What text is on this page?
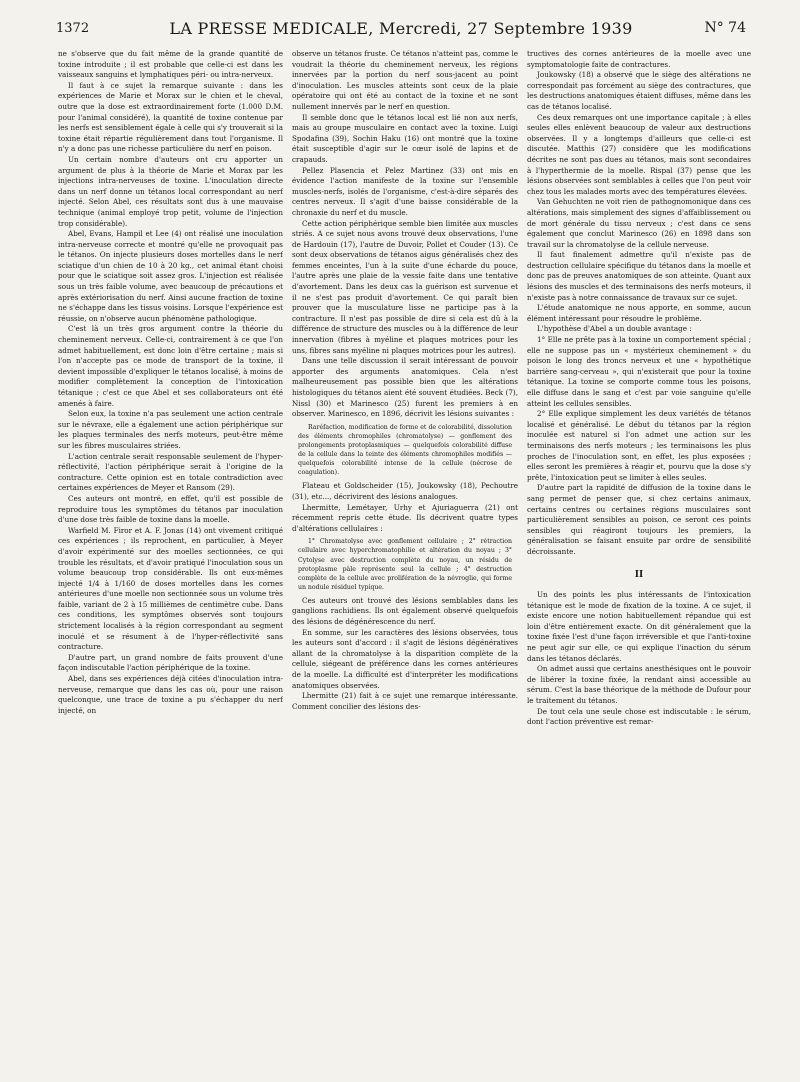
1372	LA PRESSE MEDICALE, Mercredi, 27 Septembre 1939	N° 74

ne s'observe que du fait même de la grande quantité de toxine introduite ; il est probable que celle-ci est dans les vaisseaux sanguins et lymphatiques péri- ou intra-nerveux.

Il faut à ce sujet la remarque suivante : dans les expériences de Marie et Morax sur le chien et le cheval, outre que la dose est extraordinairement forte (1.000 D.M. pour l'animal considéré), la quantité de toxine contenue par les nerfs est sensiblement égale à celle qui s'y trouverait si la toxine était répartie régulièrement dans tout l'organisme. Il n'y a donc pas une richesse particulière du nerf en poison.

Un certain nombre d'auteurs ont cru apporter un argument de plus à la théorie de Marie et Morax par les injections intra-nerveuses de toxine. L'inoculation directe dans un nerf donne un tétanos local correspondant au nerf injecté. Selon Abel, ces résultats sont dus à une mauvaise technique (animal employé trop petit, volume de l'injection trop considérable).

Abel, Evans, Hampil et Lee (4) ont réalisé une inoculation intra-nerveuse correcte et montré qu'elle ne provoquait pas le tétanos. On injecte plusieurs doses mortelles dans le nerf sciatique d'un chien de 10 à 20 kg., cet animal étant choisi pour que le sciatique soit assez gros. L'injection est réalisée sous un très faible volume, avec beaucoup de précautions et après extériorisation du nerf. Ainsi aucune fraction de toxine ne s'échappe dans les tissus voisins. Lorsque l'expérience est réussie, on n'observe aucun phénomène pathologique.

C'est là un très gros argument contre la théorie du cheminement nerveux. Celle-ci, contrairement à ce que l'on admet habituellement, est donc loin d'être certaine ; mais si l'on n'accepte pas ce mode de transport de la toxine, il devient impossible d'expliquer le tétanos localisé, à moins de modifier complètement la conception de l'intoxication tétanique ; c'est ce que Abel et ses collaborateurs ont été amenés à faire.

Selon eux, la toxine n'a pas seulement une action centrale sur le névraxe, elle a également une action périphérique sur les plaques terminales des nerfs moteurs, peut-être même sur les fibres musculaires striées.

L'action centrale serait responsable seulement de l'hyper-réflectivité, l'action périphérique serait à l'origine de la contracture. Cette opinion est en totale contradiction avec certaines expériences de Meyer et Ransom (29).

Ces auteurs ont montré, en effet, qu'il est possible de reproduire tous les symptômes du tétanos par inoculation d'une dose très faible de toxine dans la moelle.

Warfield M. Firor et A. F. Jonas (14) ont vivement critiqué ces expériences ; ils reprochent, en particulier, à Meyer d'avoir expérimenté sur des moelles sectionnées, ce qui trouble les résultats, et d'avoir pratiqué l'inoculation sous un volume beaucoup trop considérable. Ils ont eux-mêmes injecté 1/4 à 1/160 de doses mortelles dans les cornes antérieures d'une moelle non sectionnée sous un volume très faible, variant de 2 à 15 millièmes de centimètre cube. Dans ces conditions, les symptômes observés sont toujours strictement localisés à la région correspondant au segment inoculé et se résument à de l'hyper-réflectivité sans contracture.

D'autre part, un grand nombre de faits prouvent d'une façon indiscutable l'action périphérique de la toxine.

Abel, dans ses expériences déjà citées d'inoculation intra-nerveuse, remarque que dans les cas où, pour une raison quelconque, une trace de toxine a pu s'échapper du nerf injecté, on

observe un tétanos fruste. Ce tétanos n'atteint pas, comme le voudrait la théorie du cheminement nerveux, les régions innervées par la portion du nerf sous-jacent au point d'inoculation. Les muscles atteints sont ceux de la plaie opératoire qui ont été au contact de la toxine et ne sont nullement innervés par le nerf en question.

Il semble donc que le tétanos local est lié non aux nerfs, mais au groupe musculaire en contact avec la toxine. Luigi Spodaﬁna (39), Sochin Haku (16) ont montré que la toxine était susceptible d'agir sur le cœur isolé de lapins et de crapauds.

Pellez Plasencia et Pelez Martinez (33) ont mis en évidence l'action manifeste de la toxine sur l'ensemble muscles-nerfs, isolés de l'organisme, c'est-à-dire séparés des centres nerveux. Il s'agit d'une baisse considérable de la chronaxie du nerf et du muscle.

Cette action périphérique semble bien limitée aux muscles striés. A ce sujet nous avons trouvé deux observations, l'une de Hardouin (17), l'autre de Duvoir, Pollet et Couder (13). Ce sont deux observations de tétanos aigus généralisés chez des femmes enceintes, l'un à la suite d'une écharde du pouce, l'autre après une plaie de la vessie faite dans une tentative d'avortement. Dans les deux cas la guérison est survenue et il ne s'est pas produit d'avortement. Ce qui paraît bien prouver que la musculature lisse ne participe pas à la contracture. Il n'est pas possible de dire si cela est dû à la différence de structure des muscles ou à la différence de leur innervation (fibres à myéline et plaques motrices pour les uns, fibres sans myéline ni plaques motrices pour les autres).

Dans une telle discussion il serait intéressant de pouvoir apporter des arguments anatomiques. Cela n'est malheureusement pas possible bien que les altérations histologiques du tétanos aient été souvent étudiées. Beck (7), Nissl (30) et Marinesco (25) furent les premiers à en observer. Marinesco, en 1896, décrivit les lésions suivantes :

Raréfaction, modification de forme et de colorabilité, dissolution des éléments chromophiles (chromatolyse) — gonflement des prolongements protoplasmiques — quelquefois colorabilité diffuse de la cellule dans la teinte des éléments chromophiles modifiés — quelquefois colorabilité intense de la cellule (nécrose de coagulation).

Flateau et Goldscheider (15), Joukowsky (18), Pechoutre (31), etc..., décrivirent des lésions analogues.

Lhermitte, Lemétayer, Urhy et Ajuriaguerra (21) ont récemment repris cette étude. Ils décrivent quatre types d'altérations cellulaires :

1° Chromatolyse avec gonflement cellulaire ; 2° rétraction cellulaire avec hyperchromatophilie et altération du noyau ; 3° Cytolyse avec destruction complète du noyau, un résidu de protoplasme pâle représente seul la cellule ; 4° destruction complète de la cellule avec prolifération de la névroglie, qui forme un nodule résiduel typique.

Ces auteurs ont trouvé des lésions semblables dans les ganglions rachidiens. Ils ont également observé quelquefois des lésions de dégénérescence du nerf.

En somme, sur les caractères des lésions observées, tous les auteurs sont d'accord : il s'agit de lésions dégénératives allant de la chromatolyse à la disparition complète de la cellule, siégeant de préférence dans les cornes antérieures de la moelle. La difficulté est d'interpréter les modifications anatomiques observées.

Lhermitte (21) fait à ce sujet une remarque intéressante. Comment concilier des lésions des-

tructives des cornes antérieures de la moelle avec une symptomatologie faite de contractures.

Joukowsky (18) a observé que le siège des altérations ne correspondait pas forcément au siège des contractures, que les destructions anatomiques étaient diffuses, même dans les cas de tétanos localisé.

Ces deux remarques ont une importance capitale ; à elles seules elles enlèvent beaucoup de valeur aux destructions observées. Il y a longtemps d'ailleurs que celle-ci est discutée. Matthis (27) considère que les modifications décrites ne sont pas dues au tétanos, mais sont secondaires à l'hyperthermie de la moelle. Rispal (37) pense que les lésions observées sont semblables à celles que l'on peut voir chez tous les malades morts avec des températures élevées.

Van Gehuchten ne voit rien de pathognomonique dans ces altérations, mais simplement des signes d'affaiblissement ou de mort générale du tissu nerveux ; c'est dans ce sens également que conclut Marinesco (26) en 1898 dans son travail sur la chromatolyse de la cellule nerveuse.

Il faut finalement admettre qu'il n'existe pas de destruction cellulaire spécifique du tétanos dans la moelle et donc pas de preuves anatomiques de son atteinte. Quant aux lésions des muscles et des terminaisons des nerfs moteurs, il n'existe pas à notre connaissance de travaux sur ce sujet.

L'étude anatomique ne nous apporte, en somme, aucun élément intéressant pour résoudre le problème.

L'hypothèse d'Abel a un double avantage :

1° Elle ne prête pas à la toxine un comportement spécial ; elle ne suppose pas un « mystérieux cheminement » du poison le long des troncs nerveux et une « hypothétique barrière sang-cerveau », qui n'existerait que pour la toxine tétanique. La toxine se comporte comme tous les poisons, elle diffuse dans le sang et c'est par voie sanguine qu'elle atteint les cellules sensibles.

2° Elle explique simplement les deux variétés de tétanos localisé et généralisé. Le début du tétanos par la région inoculée est naturel si l'on admet une action sur les terminaisons des nerfs moteurs ; les terminaisons les plus proches de l'inoculation sont, en effet, les plus exposées ; elles seront les premières à réagir et, pourvu que la dose s'y prête, l'intoxication peut se limiter à elles seules.

D'autre part la rapidité de diffusion de la toxine dans le sang permet de penser que, si chez certains animaux, certains centres ou certaines régions musculaires sont particulièrement sensibles au poison, ce seront ces points sensibles qui réagiront toujours les premiers, la généralisation se faisant ensuite par ordre de sensibilité décroissante.

II

Un des points les plus intéressants de l'intoxication tétanique est le mode de fixation de la toxine. A ce sujet, il existe encore une notion habituellement répandue qui est loin d'être entièrement exacte. On dit généralement que la toxine fixée l'est d'une façon irréversible et que l'anti-toxine ne peut agir sur elle, ce qui explique l'inaction du sérum dans les tétanos déclarés.

On admet aussi que certains anesthésiques ont le pouvoir de libérer la toxine fixée, la rendant ainsi accessible au sérum. C'est la base théorique de la méthode de Dufour pour le traitement du tétanos.

De tout cela une seule chose est indiscutable : le sérum, dont l'action préventive est remar-
